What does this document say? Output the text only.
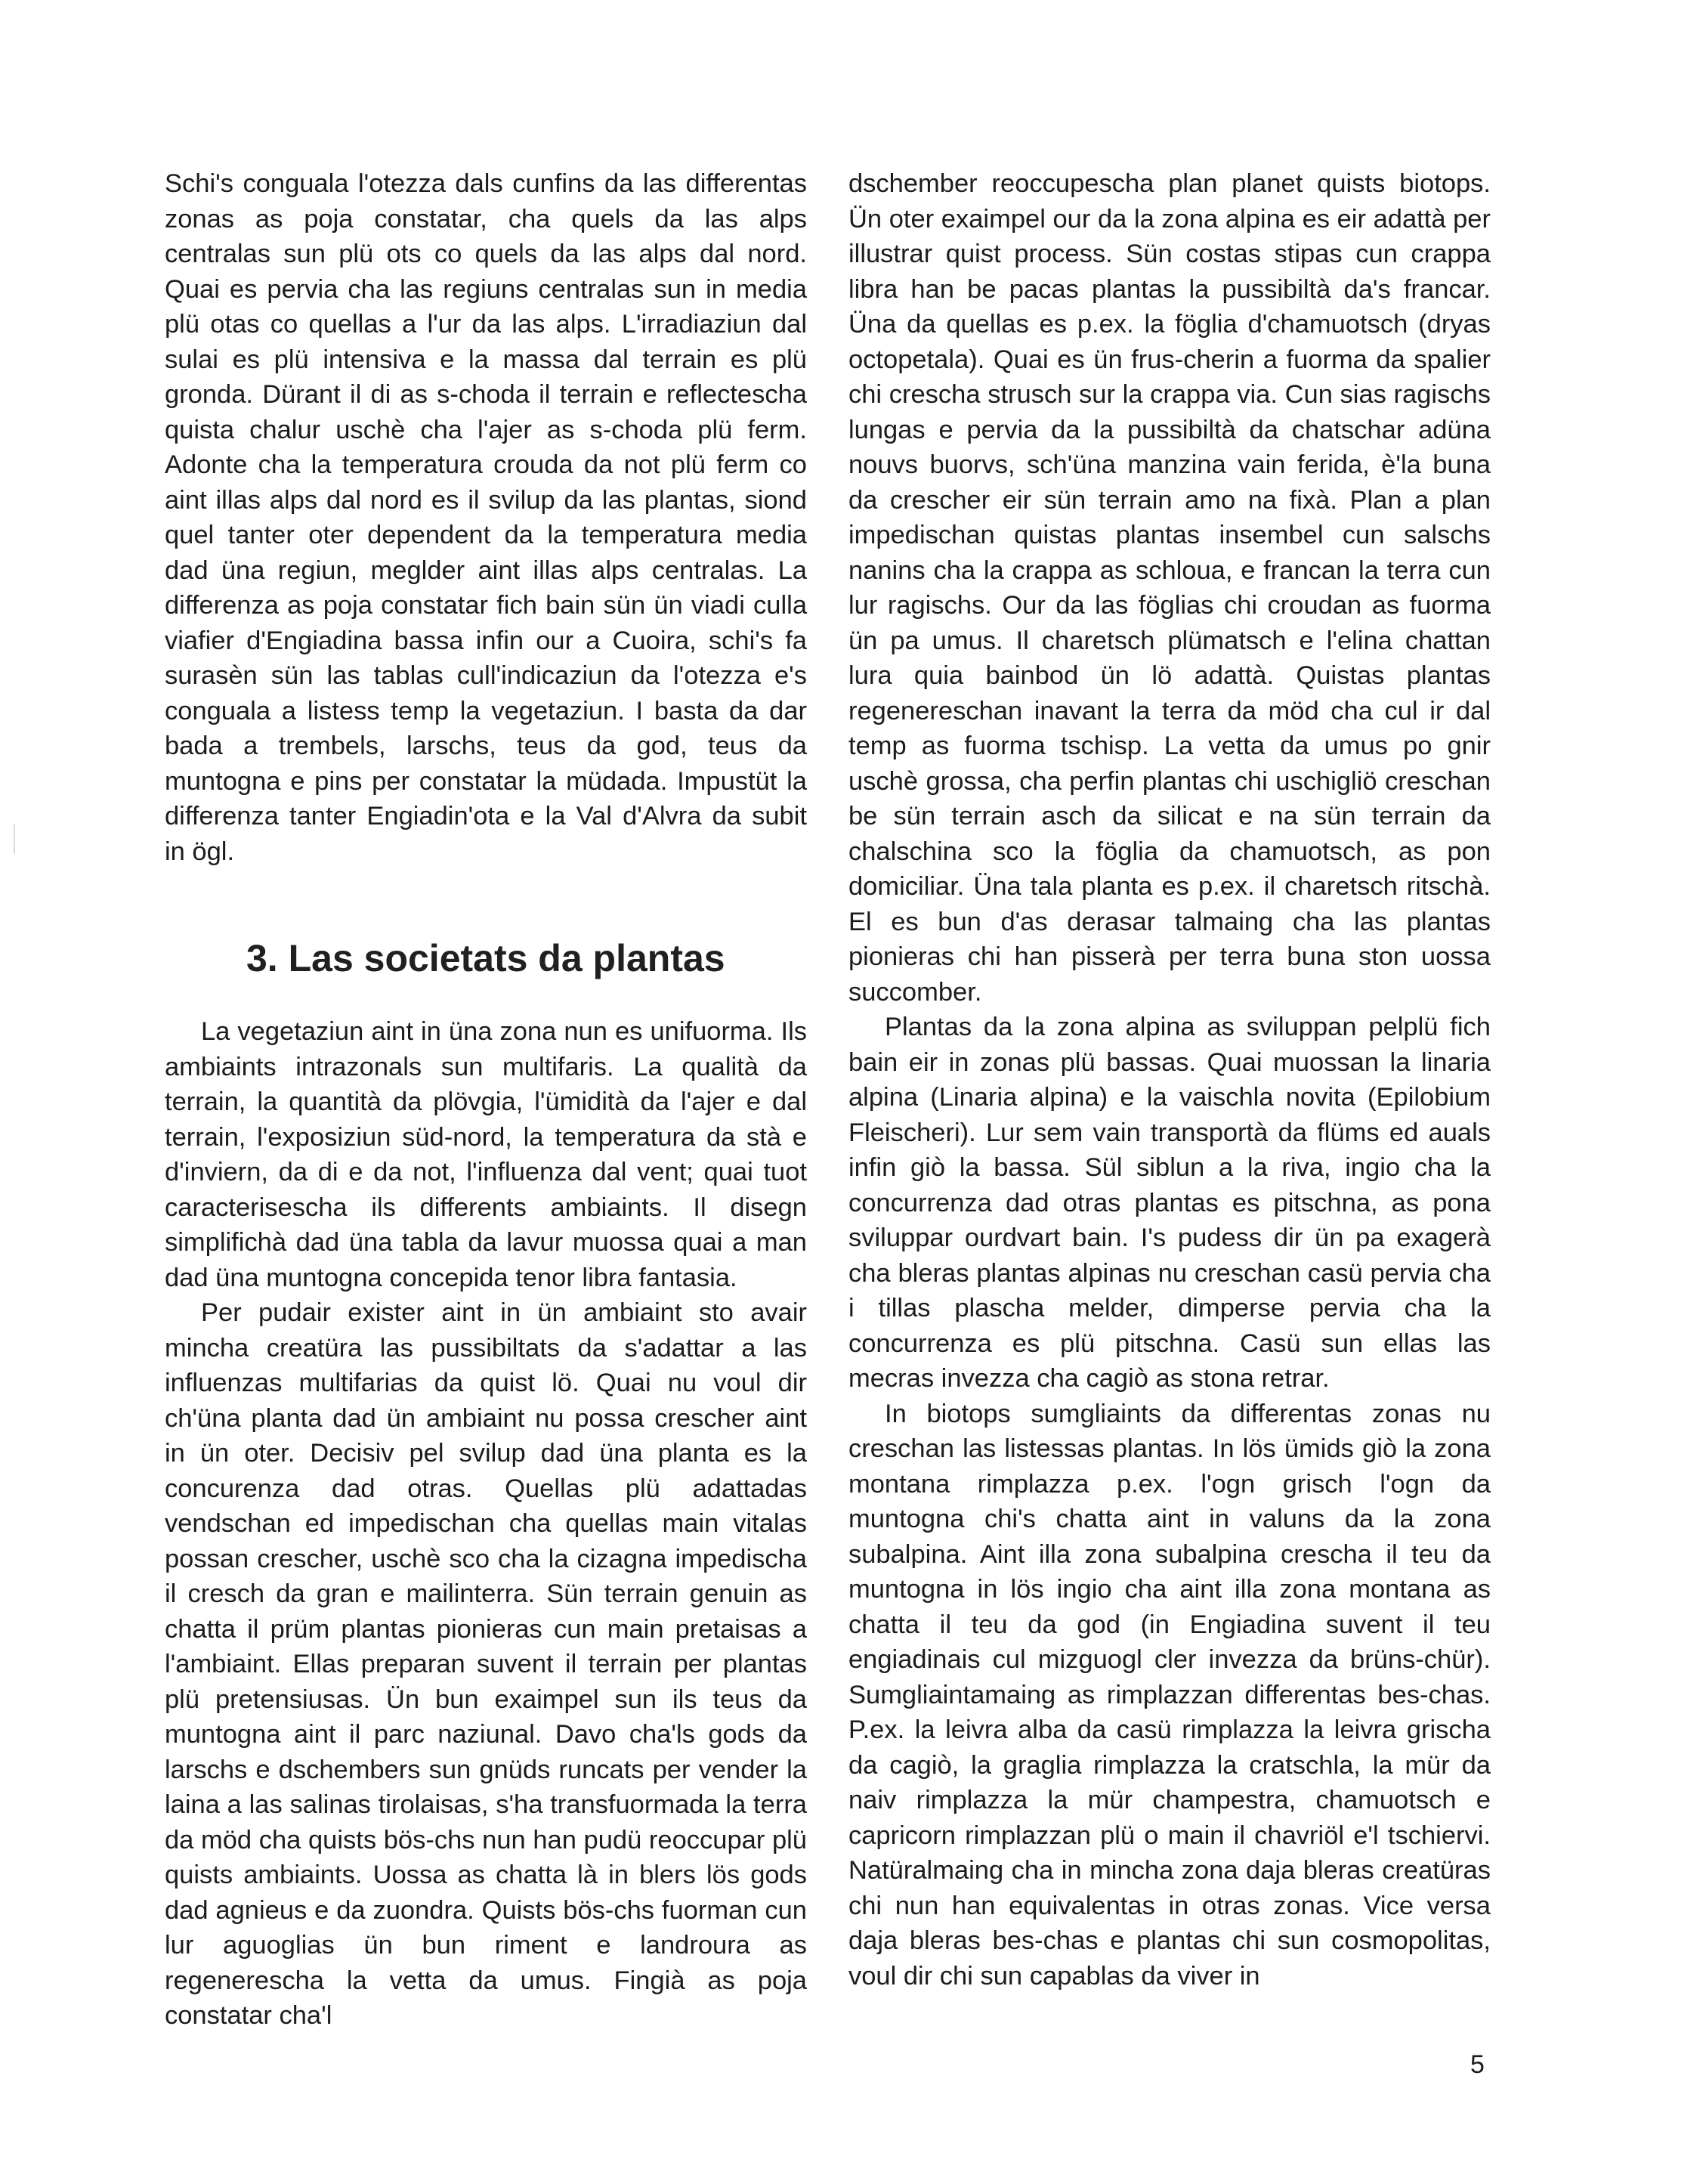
Schi's conguala l'otezza dals cunfins da las differentas zonas as poja constatar, cha quels da las alps centralas sun plü ots co quels da las alps dal nord. Quai es pervia cha las regiuns centralas sun in media plü otas co quellas a l'ur da las alps. L'irradiaziun dal sulai es plü intensiva e la massa dal terrain es plü gronda. Dürant il di as s-choda il terrain e reflectescha quista chalur uschè cha l'ajer as s-choda plü ferm. Adonte cha la temperatura crouda da not plü ferm co aint illas alps dal nord es il svilup da las plantas, siond quel tanter oter dependent da la temperatura media dad üna regiun, meglder aint illas alps centralas. La differenza as poja constatar fich bain sün ün viadi culla viafier d'Engiadina bassa infin our a Cuoira, schi's fa surasèn sün las tablas cull'indicaziun da l'otezza e's conguala a listess temp la vegetaziun. I basta da dar bada a trembels, larschs, teus da god, teus da muntogna e pins per constatar la müdada. Impustüt la differenza tanter Engiadin'ota e la Val d'Alvra da subit in ögl.

3. Las societats da plantas

La vegetaziun aint in üna zona nun es unifuorma. Ils ambiaints intrazonals sun multifaris. La qualità da terrain, la quantità da plövgia, l'ümidità da l'ajer e dal terrain, l'exposiziun süd-nord, la temperatura da stà e d'inviern, da di e da not, l'influenza dal vent; quai tuot caracterisescha ils differents ambiaints. Il disegn simplifichà dad üna tabla da lavur muossa quai a man dad üna muntogna concepida tenor libra fantasia.

Per pudair exister aint in ün ambiaint sto avair mincha creatüra las pussibiltats da s'adattar a las influenzas multifarias da quist lö. Quai nu voul dir ch'üna planta dad ün ambiaint nu possa crescher aint in ün oter. Decisiv pel svilup dad üna planta es la concurenza dad otras. Quellas plü adattadas vendschan ed impedischan cha quellas main vitalas possan crescher, uschè sco cha la cizagna impedischa il cresch da gran e mailinterra. Sün terrain genuin as chatta il prüm plantas pionieras cun main pretaisas a l'ambiaint. Ellas preparan suvent il terrain per plantas plü pretensiusas. Ün bun exaimpel sun ils teus da muntogna aint il parc naziunal. Davo cha'ls gods da larschs e dschembers sun gnüds runcats per vender la laina a las salinas tirolaisas, s'ha transfuormada la terra da möd cha quists bös-chs nun han pudü reoccupar plü quists ambiaints. Uossa as chatta là in blers lös gods dad agnieus e da zuondra. Quists bös-chs fuorman cun lur aguoglias ün bun riment e landroura as regenerescha la vetta da umus. Fingià as poja constatar cha'l

dschember reoccupescha plan planet quists biotops. Ün oter exaimpel our da la zona alpina es eir adattà per illustrar quist process. Sün costas stipas cun crappa libra han be pacas plantas la pussibiltà da's francar. Üna da quellas es p.ex. la föglia d'chamuotsch (dryas octopetala). Quai es ün frus-cherin a fuorma da spalier chi crescha strusch sur la crappa via. Cun sias ragischs lungas e pervia da la pussibiltà da chatschar adüna nouvs buorvs, sch'üna manzina vain ferida, è'la buna da crescher eir sün terrain amo na fixà. Plan a plan impedischan quistas plantas insembel cun salschs nanins cha la crappa as schloua, e francan la terra cun lur ragischs. Our da las föglias chi croudan as fuorma ün pa umus. Il charetsch plümatsch e l'elina chattan lura quia bainbod ün lö adattà. Quistas plantas regenereschan inavant la terra da möd cha cul ir dal temp as fuorma tschisp. La vetta da umus po gnir uschè grossa, cha perfin plantas chi uschigliö creschan be sün terrain asch da silicat e na sün terrain da chalschina sco la föglia da chamuotsch, as pon domiciliar. Üna tala planta es p.ex. il charetsch ritschà. El es bun d'as derasar talmaing cha las plantas pionieras chi han pisserà per terra buna ston uossa succomber.

Plantas da la zona alpina as sviluppan pelplü fich bain eir in zonas plü bassas. Quai muossan la linaria alpina (Linaria alpina) e la vaischla novita (Epilobium Fleischeri). Lur sem vain transportà da flüms ed auals infin giò la bassa. Sül siblun a la riva, ingio cha la concurrenza dad otras plantas es pitschna, as pona sviluppar ourdvart bain. I's pudess dir ün pa exagerà cha bleras plantas alpinas nu creschan casü pervia cha i tillas plascha melder, dimperse pervia cha la concurrenza es plü pitschna. Casü sun ellas las mecras invezza cha cagiò as stona retrar.

In biotops sumgliaints da differentas zonas nu creschan las listessas plantas. In lös ümids giò la zona montana rimplazza p.ex. l'ogn grisch l'ogn da muntogna chi's chatta aint in valuns da la zona subalpina. Aint illa zona subalpina crescha il teu da muntogna in lös ingio cha aint illa zona montana as chatta il teu da god (in Engiadina suvent il teu engiadinais cul mizguogl cler invezza da brüns-chür). Sumgliaintamaing as rimplazzan differentas bes-chas. P.ex. la leivra alba da casü rimplazza la leivra grischa da cagiò, la graglia rimplazza la cratschla, la mür da naiv rimplazza la mür champestra, chamuotsch e capricorn rimplazzan plü o main il chavriöl e'l tschiervi. Natüralmaing cha in mincha zona daja bleras creatüras chi nun han equivalentas in otras zonas. Vice versa daja bleras bes-chas e plantas chi sun cosmopolitas, voul dir chi sun capablas da viver in

5
